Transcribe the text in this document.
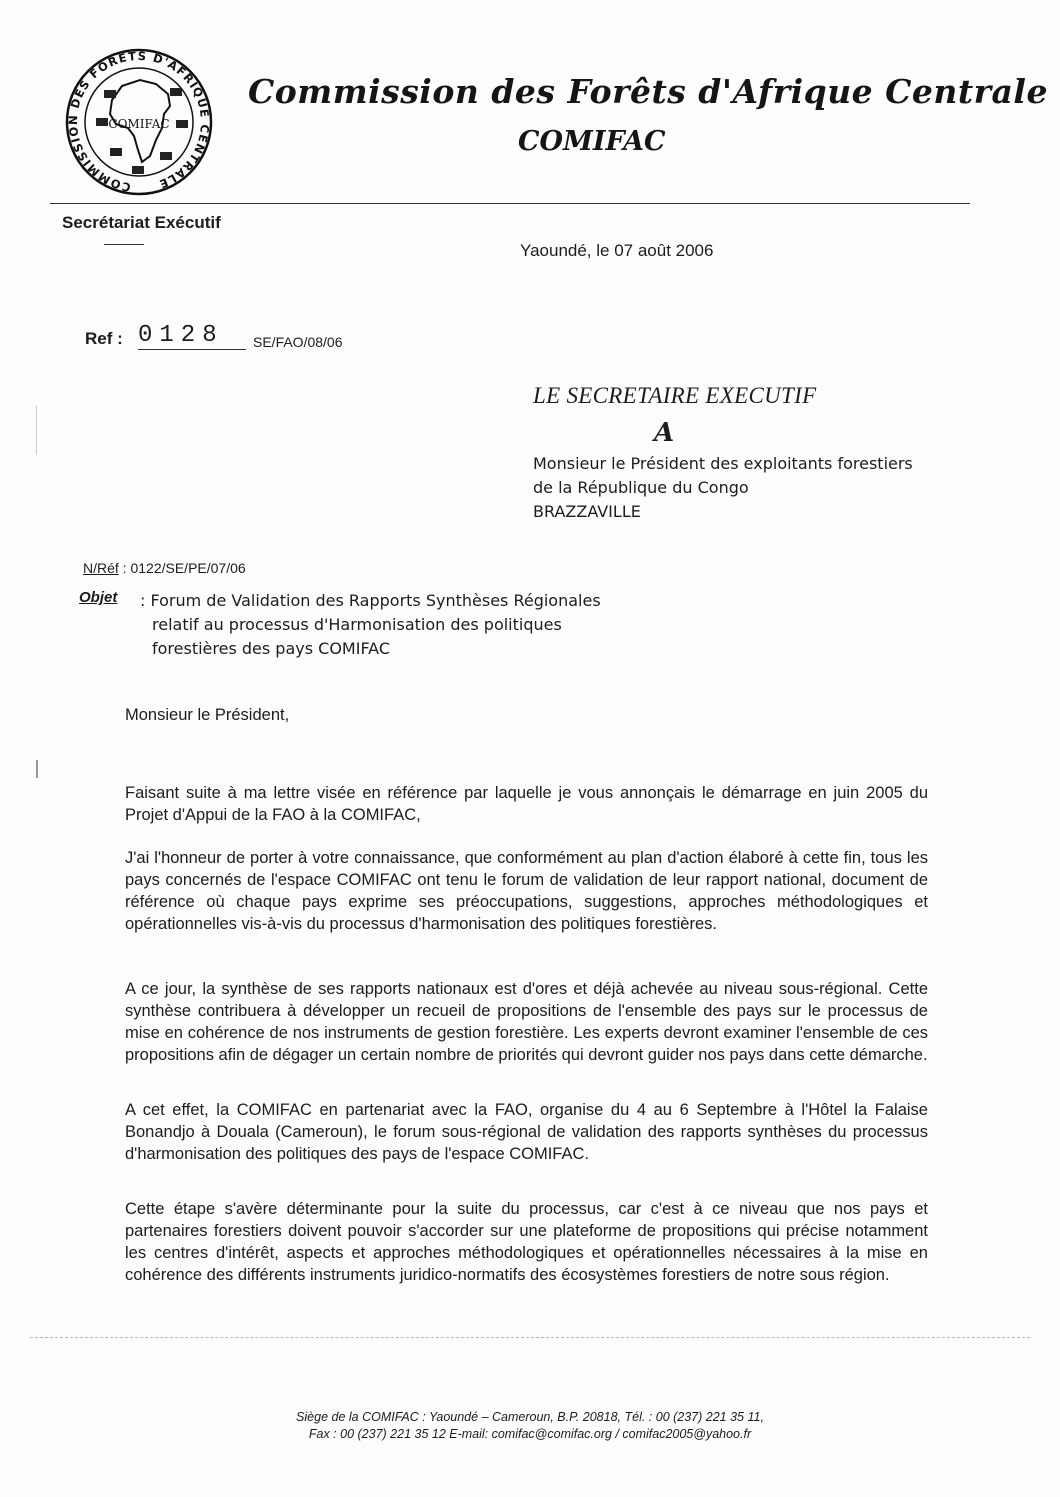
COMMISSION DES FORETS D'AFRIQUE CENTRALE
COMIFAC
Commission des Forêts d'Afrique Centrale
COMIFAC
Secrétariat Exécutif
Yaoundé, le 07 août 2006
Ref : 0128	SE/FAO/08/06
LE SECRETAIRE EXECUTIF
A
Monsieur le Président des exploitants forestiers
de la République du Congo
BRAZZAVILLE
N/Réf : 0122/SE/PE/07/06
Objet : Forum de Validation des Rapports Synthèses Régionales
relatif au processus d'Harmonisation des politiques
forestières des pays COMIFAC
Monsieur le Président,
Faisant suite à ma lettre visée en référence par laquelle je vous annonçais le démarrage en juin 2005 du Projet d'Appui de la FAO à la COMIFAC,
J'ai l'honneur de porter à votre connaissance, que conformément au plan d'action élaboré à cette fin, tous les pays concernés de l'espace COMIFAC ont tenu le forum de validation de leur rapport national, document de référence où chaque pays exprime ses préoccupations, suggestions, approches méthodologiques et opérationnelles vis-à-vis du processus d'harmonisation des politiques forestières.
A ce jour, la synthèse de ses rapports nationaux est d'ores et déjà achevée au niveau sous-régional. Cette synthèse contribuera à développer un recueil de propositions de l'ensemble des pays sur le processus de mise en cohérence de nos instruments de gestion forestière. Les experts devront examiner l'ensemble de ces propositions afin de dégager un certain nombre de priorités qui devront guider nos pays dans cette démarche.
A cet effet, la COMIFAC en partenariat avec la FAO, organise du 4 au 6 Septembre à l'Hôtel la Falaise Bonandjo à Douala (Cameroun), le forum sous-régional de validation des rapports synthèses du processus d'harmonisation des politiques des pays de l'espace COMIFAC.
Cette étape s'avère déterminante pour la suite du processus, car c'est à ce niveau que nos pays et partenaires forestiers doivent pouvoir s'accorder sur une plateforme de propositions qui précise notamment les centres d'intérêt, aspects et approches méthodologiques et opérationnelles nécessaires à la mise en cohérence des différents instruments juridico-normatifs des écosystèmes forestiers de notre sous région.
Siège de la COMIFAC : Yaoundé – Cameroun, B.P. 20818, Tél. : 00 (237) 221 35 11,
Fax : 00 (237) 221 35 12 E-mail: comifac@comifac.org / comifac2005@yahoo.fr
